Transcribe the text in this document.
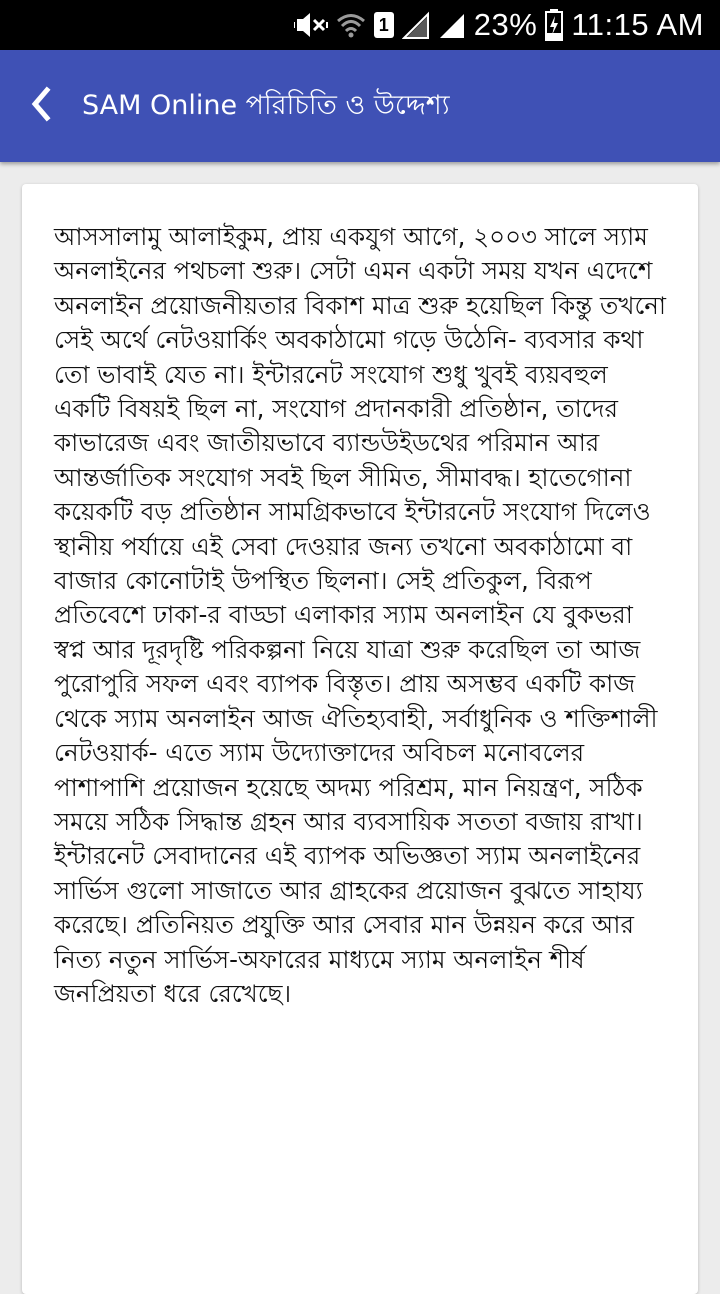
1	23% 11:15 AM
SAM Online পরিচিতি ও উদ্দেশ্য

আসসালামু আলাইকুম, প্রায় একযুগ আগে, ২০০৩ সালে স্যাম অনলাইনের পথচলা শুরু। সেটা এমন একটা সময় যখন এদেশে অনলাইন প্রয়োজনীয়তার বিকাশ মাত্র শুরু হয়েছিল কিন্তু তখনো সেই অর্থে নেটওয়ার্কিং অবকাঠামো গড়ে উঠেনি- ব্যবসার কথা তো ভাবাই যেত না। ইন্টারনেট সংযোগ শুধু খুবই ব্যয়বহুল একটি বিষয়ই ছিল না, সংযোগ প্রদানকারী প্রতিষ্ঠান, তাদের কাভারেজ এবং জাতীয়ভাবে ব্যান্ডউইডথের পরিমান আর আন্তর্জাতিক সংযোগ সবই ছিল সীমিত, সীমাবদ্ধ। হাতেগোনা কয়েকটি বড় প্রতিষ্ঠান সামগ্রিকভাবে ইন্টারনেট সংযোগ দিলেও স্থানীয় পর্যায়ে এই সেবা দেওয়ার জন্য তখনো অবকাঠামো বা বাজার কোনোটাই উপস্থিত ছিলনা। সেই প্রতিকুল, বিরূপ প্রতিবেশে ঢাকা-র বাড্ডা এলাকার স্যাম অনলাইন যে বুকভরা স্বপ্ন আর দূরদৃষ্টি পরিকল্পনা নিয়ে যাত্রা শুরু করেছিল তা আজ পুরোপুরি সফল এবং ব্যাপক বিস্তৃত। প্রায় অসম্ভব একটি কাজ থেকে স্যাম অনলাইন আজ ঐতিহ্যবাহী, সর্বাধুনিক ও শক্তিশালী নেটওয়ার্ক- এতে স্যাম উদ্যোক্তাদের অবিচল মনোবলের পাশাপাশি প্রয়োজন হয়েছে অদম্য পরিশ্রম, মান নিয়ন্ত্রণ, সঠিক সময়ে সঠিক সিদ্ধান্ত গ্রহন আর ব্যবসায়িক সততা বজায় রাখা।

ইন্টারনেট সেবাদানের এই ব্যাপক অভিজ্ঞতা স্যাম অনলাইনের সার্ভিস গুলো সাজাতে আর গ্রাহকের প্রয়োজন বুঝতে সাহায্য করেছে। প্রতিনিয়ত প্রযুক্তি আর সেবার মান উন্নয়ন করে আর নিত্য নতুন সার্ভিস-অফারের মাধ্যমে স্যাম অনলাইন শীর্ষ জনপ্রিয়তা ধরে রেখেছে।
